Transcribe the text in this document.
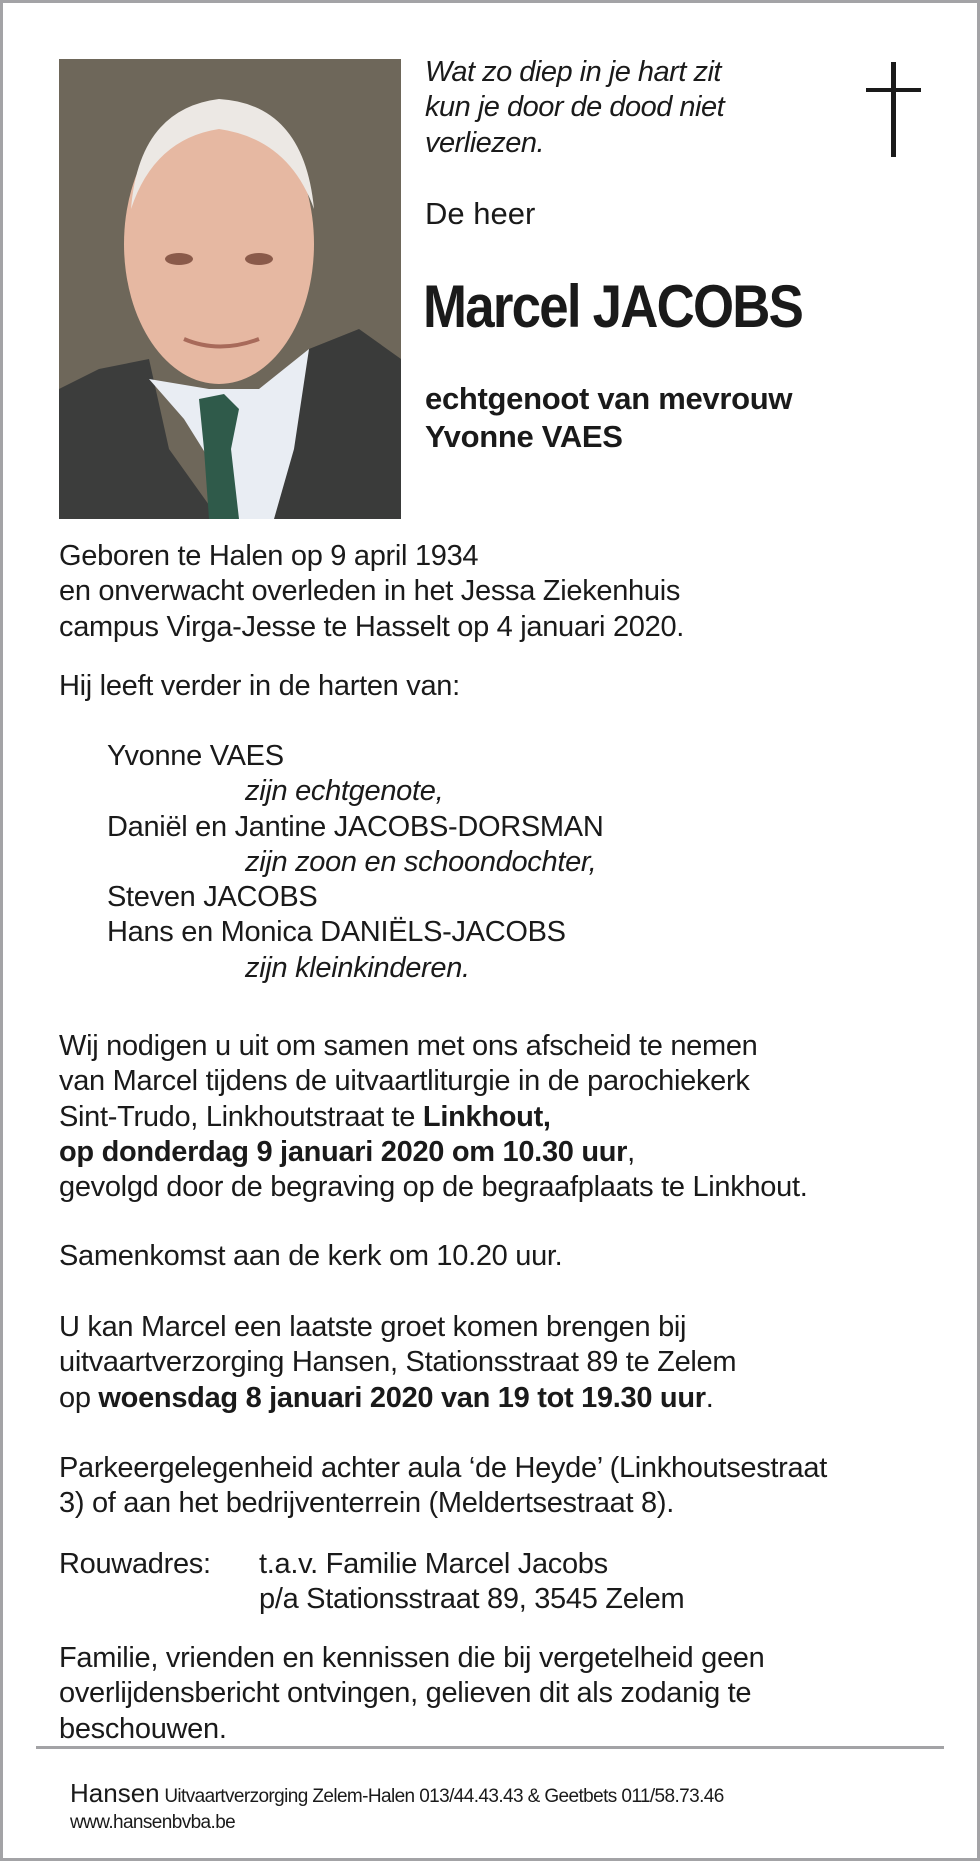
Wat zo diep in je hart zit
kun je door de dood niet
verliezen.
De heer
Marcel JACOBS
echtgenoot van mevrouw
Yvonne VAES
Geboren te Halen op 9 april 1934
en onverwacht overleden in het Jessa Ziekenhuis
campus Virga-Jesse te Hasselt op 4 januari 2020.
Hij leeft verder in de harten van:
Yvonne VAES
zijn echtgenote,
Daniël en Jantine JACOBS-DORSMAN
zijn zoon en schoondochter,
Steven JACOBS
Hans en Monica DANIËLS-JACOBS
zijn kleinkinderen.
Wij nodigen u uit om samen met ons afscheid te nemen
van Marcel tijdens de uitvaartliturgie in de parochiekerk
Sint-Trudo, Linkhoutstraat te Linkhout,
op donderdag 9 januari 2020 om 10.30 uur,
gevolgd door de begraving op de begraafplaats te Linkhout.
Samenkomst aan de kerk om 10.20 uur.
U kan Marcel een laatste groet komen brengen bij
uitvaartverzorging Hansen, Stationsstraat 89 te Zelem
op woensdag 8 januari 2020 van 19 tot 19.30 uur.
Parkeergelegenheid achter aula ‘de Heyde’ (Linkhoutsestraat
3) of aan het bedrijventerrein (Meldertsestraat 8).
Rouwadres: t.a.v. Familie Marcel Jacobs
p/a Stationsstraat 89, 3545 Zelem
Familie, vrienden en kennissen die bij vergetelheid geen
overlijdensbericht ontvingen, gelieven dit als zodanig te
beschouwen.
Hansen Uitvaartverzorging Zelem-Halen 013/44.43.43 & Geetbets 011/58.73.46
www.hansenbvba.be
